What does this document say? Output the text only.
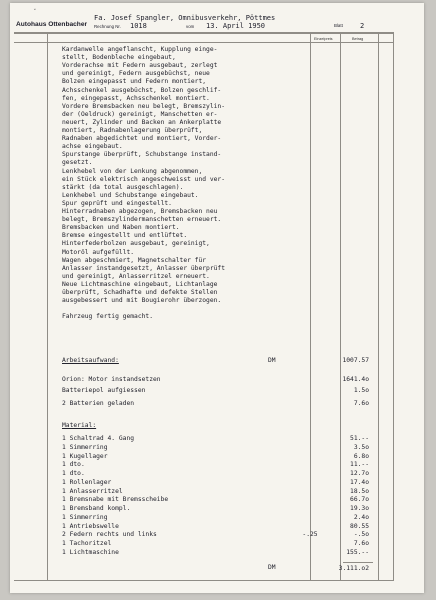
ˇ
Autohaus Ottenbacher
Fa. Josef Spangler, Omnibusverkehr, Pöttmes
Rechnung Nr. 1018	vom 13. April 1950	Blatt 2
Einzelpreis	Betrag
Kardanwelle angeflanscht, Kupplung einge-
stellt, Bodenbleche eingebaut,
Vorderachse mit Federn ausgebaut, zerlegt
und gereinigt, Federn ausgebüchst, neue
Bolzen eingepasst und Federn montiert,
Achsschenkel ausgebüchst, Bolzen geschlif-
fen, eingepasst, Achsschenkel montiert.
Vordere Bremsbacken neu belegt, Bremszylin-
der (Oeldruck) gereinigt, Manschetten er-
neuert, Zylinder und Backen an Ankerplatte
montiert, Radnabenlagerung überprüft,
Radnaben abgedichtet und montiert, Vorder-
achse eingebaut.
Spurstange überprüft, Schubstange instand-
gesetzt.
Lenkhebel von der Lenkung abgenommen,
ein Stück elektrisch angeschweisst und ver-
stärkt (da total ausgeschlagen).
Lenkhebel und Schubstange eingebaut.
Spur geprüft und eingestellt.
Hinterradnaben abgezogen, Bremsbacken neu
belegt, Bremszylindermanschetten erneuert.
Bremsbacken und Naben montiert.
Bremse eingestellt und entlüftet.
Hinterfederbolzen ausgebaut, gereinigt,
Motoröl aufgefüllt.
Wagen abgeschmiert, Magnetschalter für
Anlasser instandgesetzt, Anlasser überprüft
und gereinigt, Anlasserritzel erneuert.
Neue Lichtmaschine eingebaut, Lichtanlage
überprüft, Schadhafte und defekte Stellen
ausgebessert und mit Bougierohr überzogen.
Fahrzeug fertig gemacht.
Arbeitsaufwand:	DM	1007.57
Orion: Motor instandsetzen	1641.4o
Batteriepol aufgiessen	1.5o
2 Batterien geladen	7.6o
Material:
1 Schaltrad 4. Gang	51.--
1 Simmerring	3.5o
1 Kugellager	6.8o
1 dto.	11.--
1 dto.	12.7o
1 Rollenlager	17.4o
1 Anlasserritzel	18.5o
1 Bremsnabe mit Bremsscheibe	66.7o
1 Bremsband kompl.	19.3o
1 Simmerring	2.4o
1 Antriebswelle	80.55
2 Federn rechts und links	-.25	-.5o
1 Tachoritzel	7.6o
1 Lichtmaschine	155.--
DM	3.111.o2
